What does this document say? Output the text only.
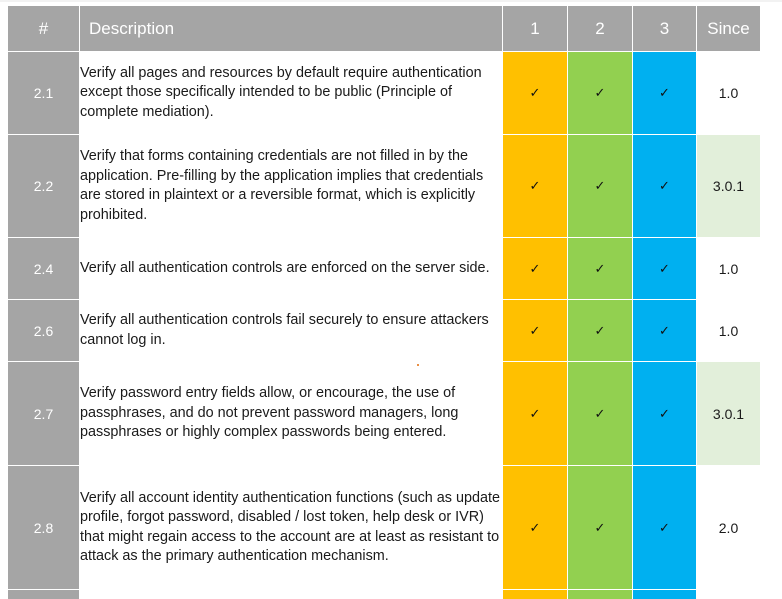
#	Description	1	2	3	Since
2.1	Verify all pages and resources by default require authentication except those specifically intended to be public (Principle of complete mediation).	✓	✓	✓	1.0
2.2	Verify that forms containing credentials are not filled in by the application. Pre-filling by the application implies that credentials are stored in plaintext or a reversible format, which is explicitly prohibited.	✓	✓	✓	3.0.1
2.4	Verify all authentication controls are enforced on the server side.	✓	✓	✓	1.0
2.6	Verify all authentication controls fail securely to ensure attackers cannot log in.	✓	✓	✓	1.0
2.7	Verify password entry fields allow, or encourage, the use of passphrases, and do not prevent password managers, long passphrases or highly complex passwords being entered.	✓	✓	✓	3.0.1
2.8	Verify all account identity authentication functions (such as update profile, forgot password, disabled / lost token, help desk or IVR) that might regain access to the account are at least as resistant to attack as the primary authentication mechanism.	✓	✓	✓	2.0
